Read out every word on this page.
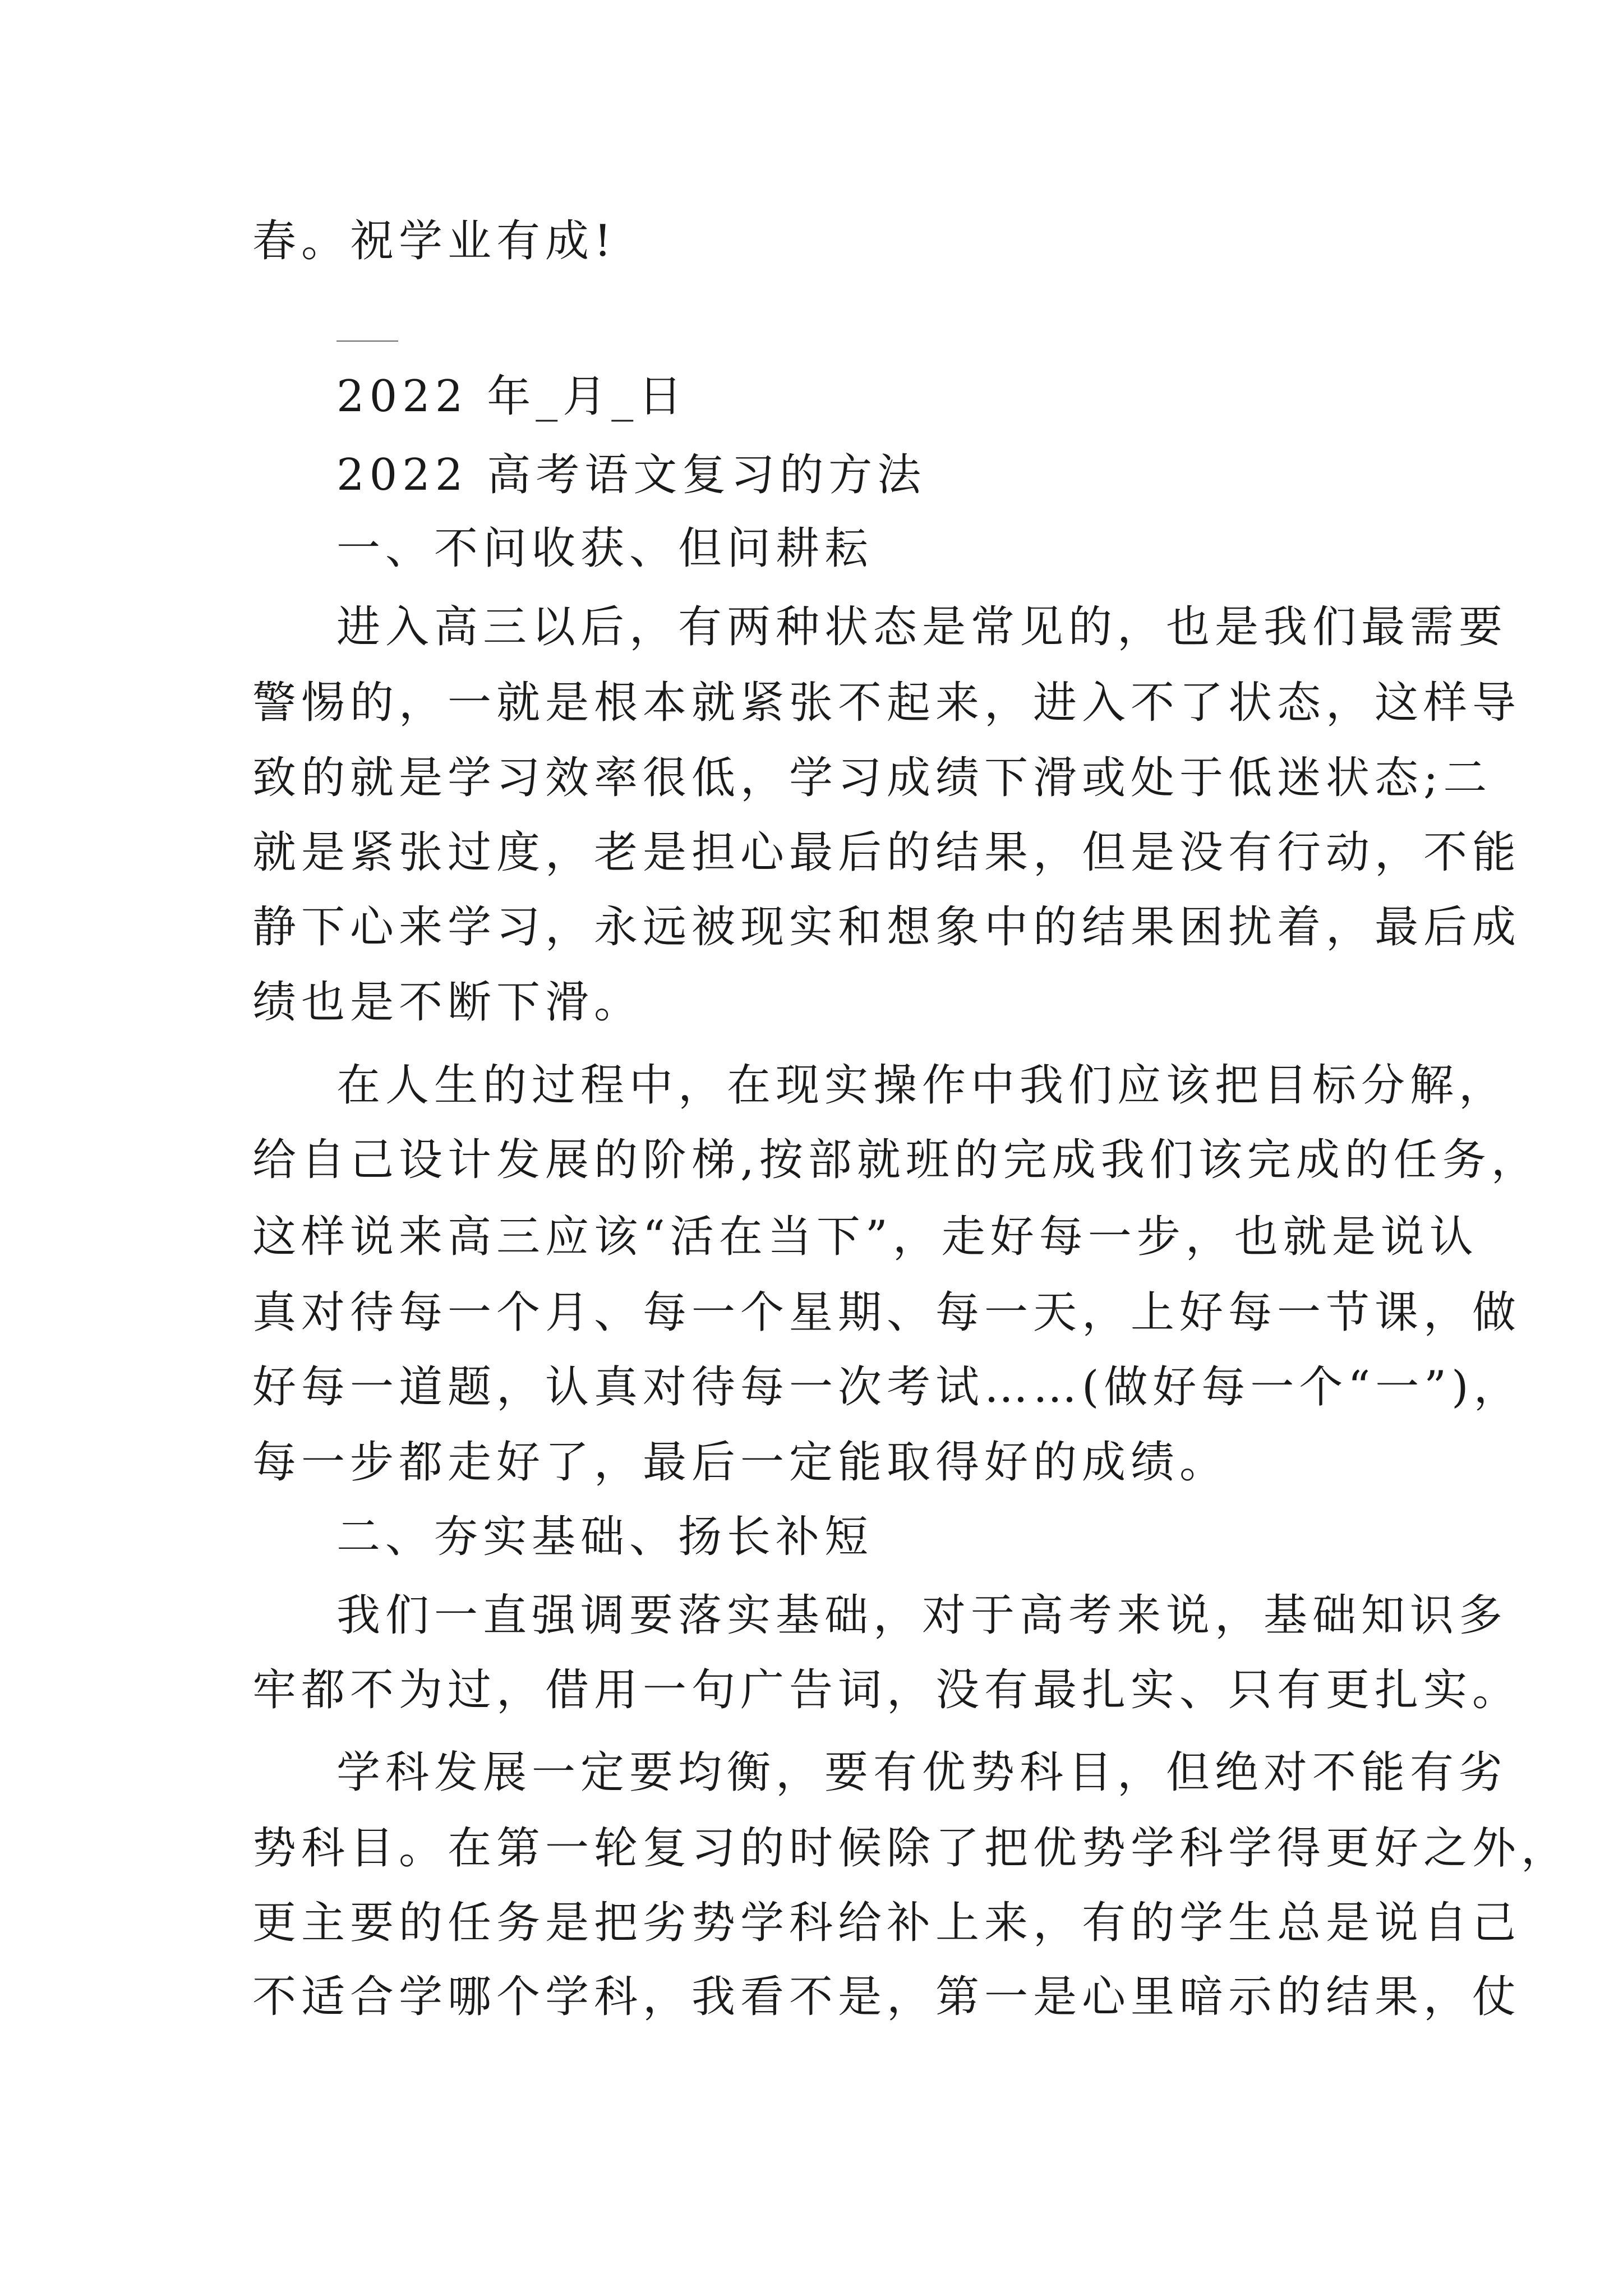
春。祝学业有成!
2022 年_月_日
2022 高考语文复习的方法
一、不问收获、但问耕耘
进入高三以后，有两种状态是常见的，也是我们最需要
警惕的，一就是根本就紧张不起来，进入不了状态，这样导
致的就是学习效率很低，学习成绩下滑或处于低迷状态;二
就是紧张过度，老是担心最后的结果，但是没有行动，不能
静下心来学习，永远被现实和想象中的结果困扰着，最后成
绩也是不断下滑。
在人生的过程中，在现实操作中我们应该把目标分解，
给自己设计发展的阶梯,按部就班的完成我们该完成的任务，
这样说来高三应该“活在当下”，走好每一步，也就是说认
真对待每一个月、每一个星期、每一天，上好每一节课，做
好每一道题，认真对待每一次考试……(做好每一个“一”)，
每一步都走好了，最后一定能取得好的成绩。
二、夯实基础、扬长补短
我们一直强调要落实基础，对于高考来说，基础知识多
牢都不为过，借用一句广告词，没有最扎实、只有更扎实。
学科发展一定要均衡，要有优势科目，但绝对不能有劣
势科目。在第一轮复习的时候除了把优势学科学得更好之外，
更主要的任务是把劣势学科给补上来，有的学生总是说自己
不适合学哪个学科，我看不是，第一是心里暗示的结果，仗
